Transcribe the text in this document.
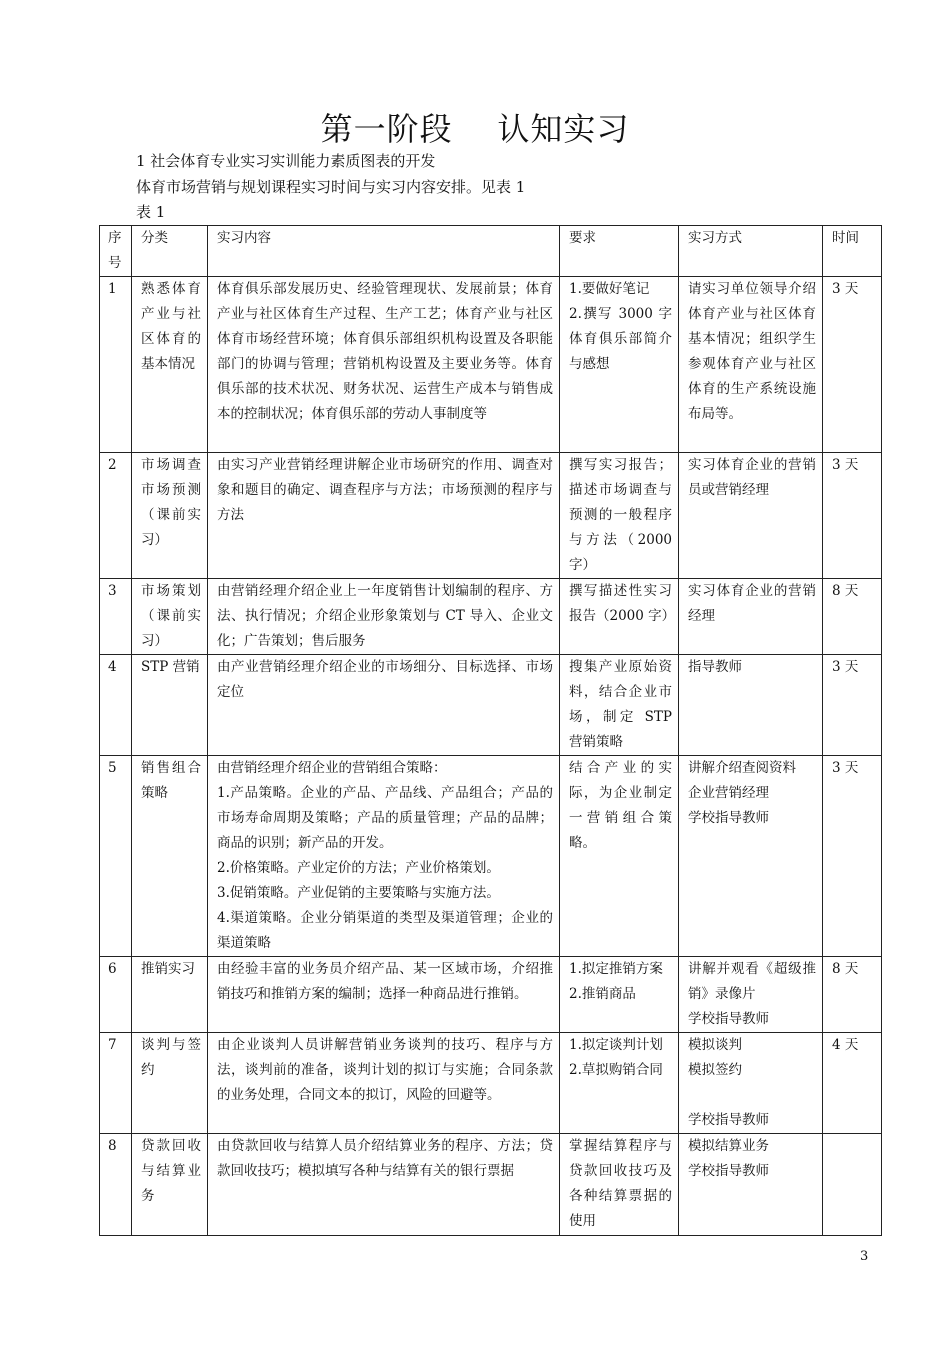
第一阶段    认知实习
1 社会体育专业实习实训能力素质图表的开发
体育市场营销与规划课程实习时间与实习内容安排。见表 1
表 1
序
号	分类	实习内容	要求	实习方式	时间
1	熟悉体育产业与社区体育的基本情况	体育俱乐部发展历史、经验管理现状、发展前景；体育产业与社区体育生产过程、生产工艺；体育产业与社区体育市场经营环境；体育俱乐部组织机构设置及各职能部门的协调与管理；营销机构设置及主要业务等。体育俱乐部的技术状况、财务状况、运营生产成本与销售成本的控制状况；体育俱乐部的劳动人事制度等	1.要做好笔记
2.撰写 3000 字体育俱乐部简介与感想	请实习单位领导介绍体育产业与社区体育基本情况；组织学生参观体育产业与社区体育的生产系统设施布局等。	3 天
2	市场调查市场预测（课前实习）	由实习产业营销经理讲解企业市场研究的作用、调查对象和题目的确定、调查程序与方法；市场预测的程序与方法	撰写实习报告；描述市场调查与预测的一般程序与方法（2000字）	实习体育企业的营销员或营销经理	3 天
3	市场策划（课前实习）	由营销经理介绍企业上一年度销售计划编制的程序、方法、执行情况；介绍企业形象策划与 CT 导入、企业文化；广告策划；售后服务	撰写描述性实习报告（2000 字）	实习体育企业的营销经理	8 天
4	STP 营销	由产业营销经理介绍企业的市场细分、目标选择、市场定位	搜集产业原始资料，结合企业市场，制定 STP 营销策略	指导教师	3 天
5	销售组合策略	由营销经理介绍企业的营销组合策略：
1.产品策略。企业的产品、产品线、产品组合；产品的市场寿命周期及策略；产品的质量管理；产品的品牌；商品的识别；新产品的开发。
2.价格策略。产业定价的方法；产业价格策划。
3.促销策略。产业促销的主要策略与实施方法。
4.渠道策略。企业分销渠道的类型及渠道管理；企业的渠道策略	结合产业的实际，为企业制定一营销组合策略。	讲解介绍查阅资料
企业营销经理
学校指导教师	3 天
6	推销实习	由经验丰富的业务员介绍产品、某一区域市场，介绍推销技巧和推销方案的编制；选择一种商品进行推销。	1.拟定推销方案
2.推销商品	讲解并观看《超级推销》录像片
学校指导教师	8 天
7	谈判与签约	由企业谈判人员讲解营销业务谈判的技巧、程序与方法，谈判前的准备，谈判计划的拟订与实施；合同条款的业务处理，合同文本的拟订，风险的回避等。	1.拟定谈判计划
2.草拟购销合同	模拟谈判
模拟签约

学校指导教师	4 天
8	贷款回收与结算业务	由贷款回收与结算人员介绍结算业务的程序、方法；贷款回收技巧；模拟填写各种与结算有关的银行票据	掌握结算程序与贷款回收技巧及各种结算票据的使用	模拟结算业务
学校指导教师	
3
